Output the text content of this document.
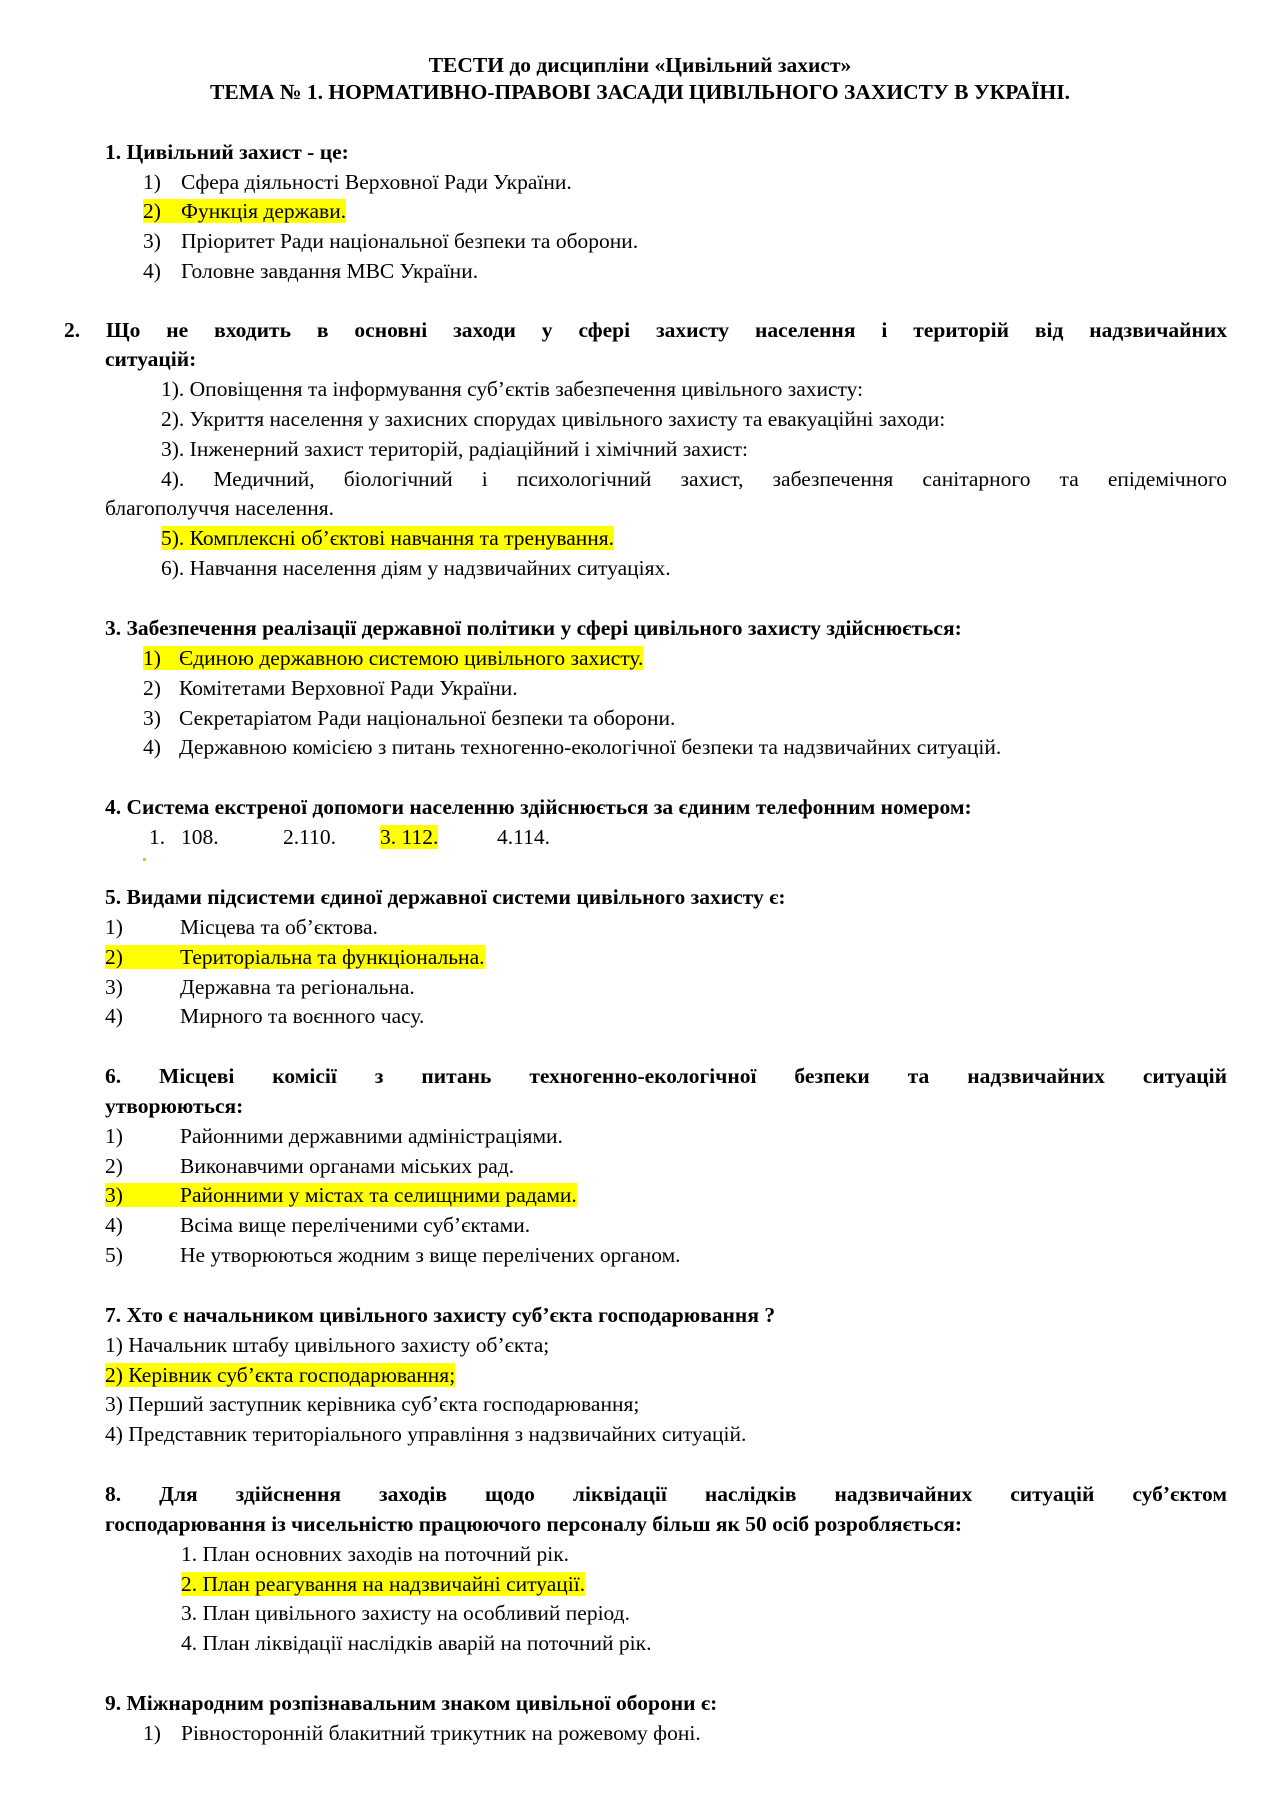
ТЕСТИ до дисципліни «Цивільний захист»
ТЕМА № 1. НОРМАТИВНО-ПРАВОВІ ЗАСАДИ ЦИВІЛЬНОГО ЗАХИСТУ В УКРАЇНІ.
1. Цивільний захист - це:
1) Сфера діяльності Верховної Ради України.
2) Функція держави.
3) Пріоритет Ради національної безпеки та оборони.
4) Головне завдання МВС України.
2. Що не входить в основні заходи у сфері захисту населення і територій від надзвичайних
ситуацій:
1). Оповіщення та інформування суб’єктів забезпечення цивільного захисту:
2). Укриття населення у захисних спорудах цивільного захисту та евакуаційні заходи:
3). Інженерний захист територій, радіаційний і хімічний захист:
4). Медичний, біологічний і психологічний захист, забезпечення санітарного та епідемічного
благополуччя населення.
5). Комплексні об’єктові навчання та тренування.
6). Навчання населення діям у надзвичайних ситуаціях.
3. Забезпечення реалізації державної політики у сфері цивільного захисту здійснюється:
1) Єдиною державною системою цивільного захисту.
2) Комітетами Верховної Ради України.
3) Секретаріатом Ради національної безпеки та оборони.
4) Державною комісією з питань техногенно-екологічної безпеки та надзвичайних ситуацій.
4. Система екстреної допомоги населенню здійснюється за єдиним телефонним номером:
1. 108.	2.110. 3. 112.	4.114.
5. Видами підсистеми єдиної державної системи цивільного захисту є:
1)	Місцева та об’єктова.
2)	Територіальна та функціональна.
3)	Державна та регіональна.
4)	Мирного та воєнного часу.
6. Місцеві комісії з питань техногенно-екологічної безпеки та надзвичайних ситуацій
утворюються:
1)	Районними державними адміністраціями.
2)	Виконавчими органами міських рад.
3)	Районними у містах та селищними радами.
4)	Всіма вище переліченими суб’єктами.
5)	Не утворюються жодним з вище перелічених органом.
7. Хто є начальником цивільного захисту суб’єкта господарювання ?
1) Начальник штабу цивільного захисту об’єкта;
2) Керівник суб’єкта господарювання;
3) Перший заступник керівника суб’єкта господарювання;
4) Представник територіального управління з надзвичайних ситуацій.
8. Для здійснення заходів щодо ліквідації наслідків надзвичайних ситуацій суб’єктом
господарювання із чисельністю працюючого персоналу більш як 50 осіб розробляється:
1. План основних заходів на поточний рік.
2. План реагування на надзвичайні ситуації.
3. План цивільного захисту на особливий період.
4. План ліквідації наслідків аварій на поточний рік.
9. Міжнародним розпізнавальним знаком цивільної оборони є:
1) Рівносторонній блакитний трикутник на рожевому фоні.
